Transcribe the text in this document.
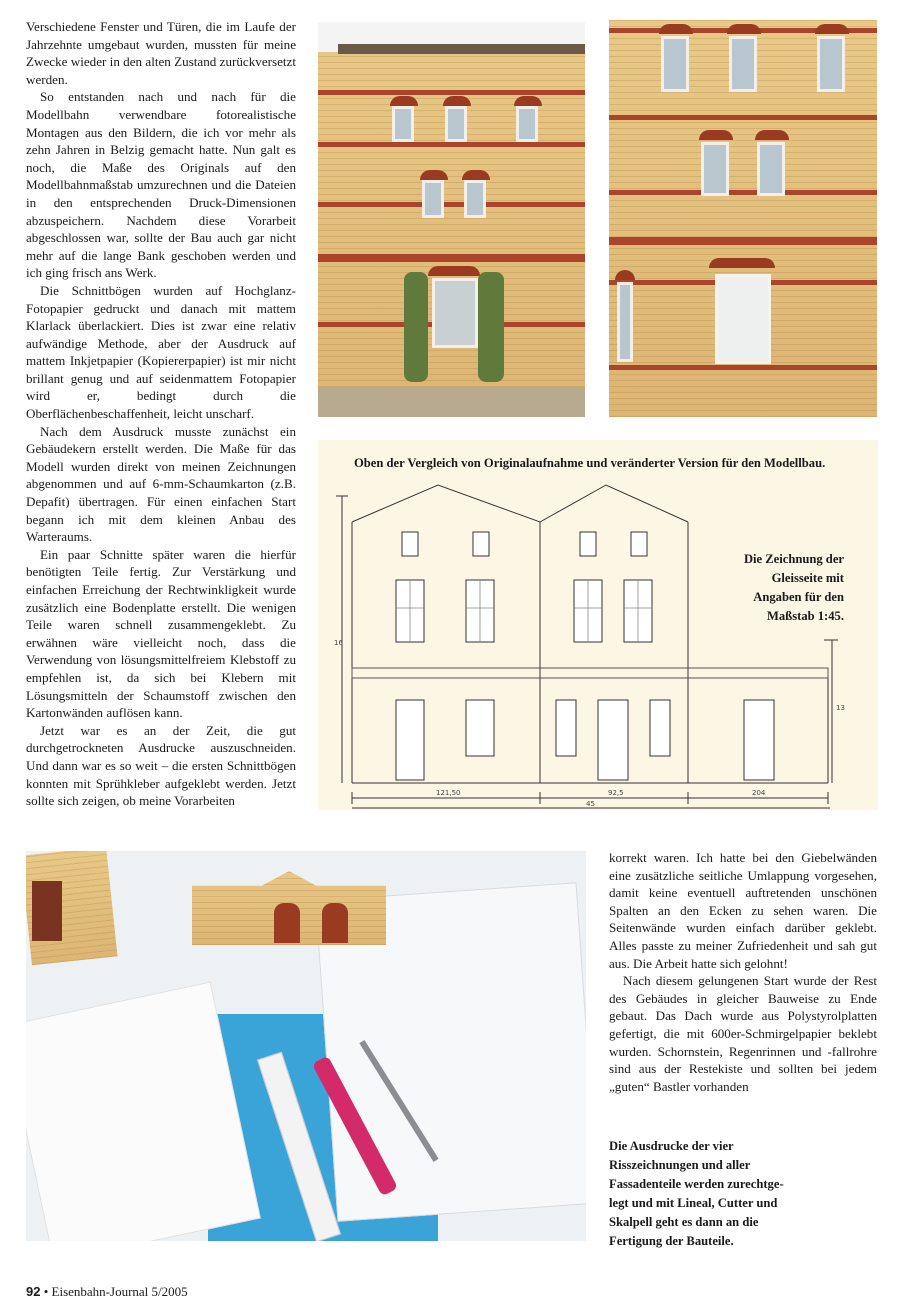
Verschiedene Fenster und Türen, die im Laufe der Jahrzehnte umgebaut wurden, mussten für meine Zwecke wieder in den alten Zustand zurückversetzt werden.

So entstanden nach und nach für die Modellbahn verwendbare fotorealistische Montagen aus den Bildern, die ich vor mehr als zehn Jahren in Belzig gemacht hatte. Nun galt es noch, die Maße des Originals auf den Modellbahnmaßstab umzurechnen und die Dateien in den entsprechenden Druck-Dimensionen abzuspeichern. Nachdem diese Vorarbeit abgeschlossen war, sollte der Bau auch gar nicht mehr auf die lange Bank geschoben werden und ich ging frisch ans Werk.

Die Schnittbögen wurden auf Hochglanz-Fotopapier gedruckt und danach mit mattem Klarlack überlackiert. Dies ist zwar eine relativ aufwändige Methode, aber der Ausdruck auf mattem Inkjetpapier (Kopiererpapier) ist mir nicht brillant genug und auf seidenmattem Fotopapier wird er, bedingt durch die Oberflächenbeschaffenheit, leicht unscharf.

Nach dem Ausdruck musste zunächst ein Gebäudekern erstellt werden. Die Maße für das Modell wurden direkt von meinen Zeichnungen abgenommen und auf 6-mm-Schaumkarton (z.B. Depafit) übertragen. Für einen einfachen Start begann ich mit dem kleinen Anbau des Warteraums.

Ein paar Schnitte später waren die hierfür benötigten Teile fertig. Zur Verstärkung und einfachen Erreichung der Rechtwinkligkeit wurde zusätzlich eine Bodenplatte erstellt. Die wenigen Teile waren schnell zusammengeklebt. Zu erwähnen wäre vielleicht noch, dass die Verwendung von lösungsmittelfreiem Klebstoff zu empfehlen ist, da sich bei Klebern mit Lösungsmitteln der Schaumstoff zwischen den Kartonwänden auflösen kann.

Jetzt war es an der Zeit, die gut durchgetrockneten Ausdrucke auszuschneiden. Und dann war es so weit – die ersten Schnittbögen konnten mit Sprühkleber aufgeklebt werden. Jetzt sollte sich zeigen, ob meine Vorarbeiten

Oben der Vergleich von Originalaufnahme und veränderter Version für den Modellbau.
121,50	92,5	204
45
16
13
Die Zeichnung der
Gleisseite mit
Angaben für den
Maßstab 1:45.

korrekt waren. Ich hatte bei den Giebelwänden eine zusätzliche seitliche Umlappung vorgesehen, damit keine eventuell auftretenden unschönen Spalten an den Ecken zu sehen waren. Die Seitenwände wurden einfach darüber geklebt. Alles passte zu meiner Zufriedenheit und sah gut aus. Die Arbeit hatte sich gelohnt!

Nach diesem gelungenen Start wurde der Rest des Gebäudes in gleicher Bauweise zu Ende gebaut. Das Dach wurde aus Polystyrolplatten gefertigt, die mit 600er-Schmirgelpapier beklebt wurden. Schornstein, Regenrinnen und -fallrohre sind aus der Restekiste und sollten bei jedem „guten“ Bastler vorhanden

Die Ausdrucke der vier
Risszeichnungen und aller
Fassadenteile werden zurechtge-
legt und mit Lineal, Cutter und
Skalpell geht es dann an die
Fertigung der Bauteile.
92 • Eisenbahn-Journal 5/2005
